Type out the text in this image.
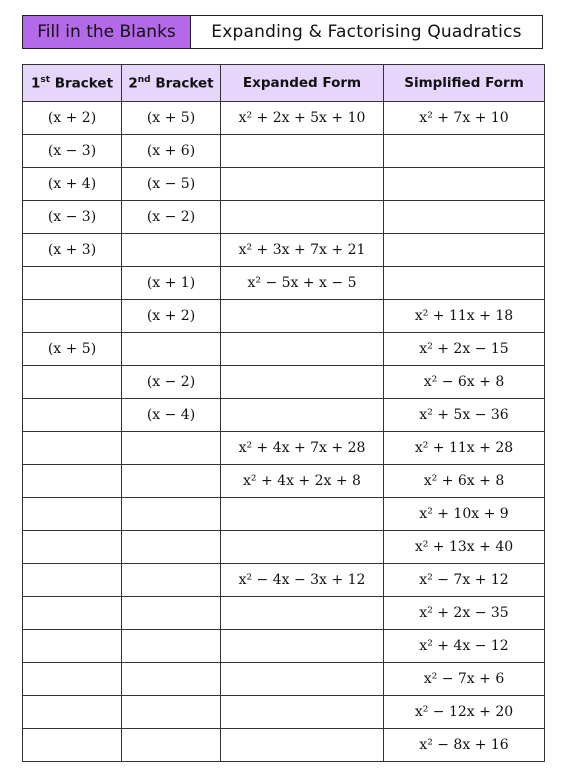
Fill in the Blanks	Expanding & Factorising Quadratics
1st Bracket	2nd Bracket	Expanded Form	Simplified Form
(x + 2)	(x + 5)	x² + 2x + 5x + 10	x² + 7x + 10
(x − 3)	(x + 6)		
(x + 4)	(x − 5)		
(x − 3)	(x − 2)		
(x + 3)		x² + 3x + 7x + 21	
	(x + 1)	x² − 5x + x − 5	
	(x + 2)		x² + 11x + 18
(x + 5)			x² + 2x − 15
	(x − 2)		x² − 6x + 8
	(x − 4)		x² + 5x − 36
		x² + 4x + 7x + 28	x² + 11x + 28
		x² + 4x + 2x + 8	x² + 6x + 8
			x² + 10x + 9
			x² + 13x + 40
		x² − 4x − 3x + 12	x² − 7x + 12
			x² + 2x − 35
			x² + 4x − 12
			x² − 7x + 6
			x² − 12x + 20
			x² − 8x + 16
